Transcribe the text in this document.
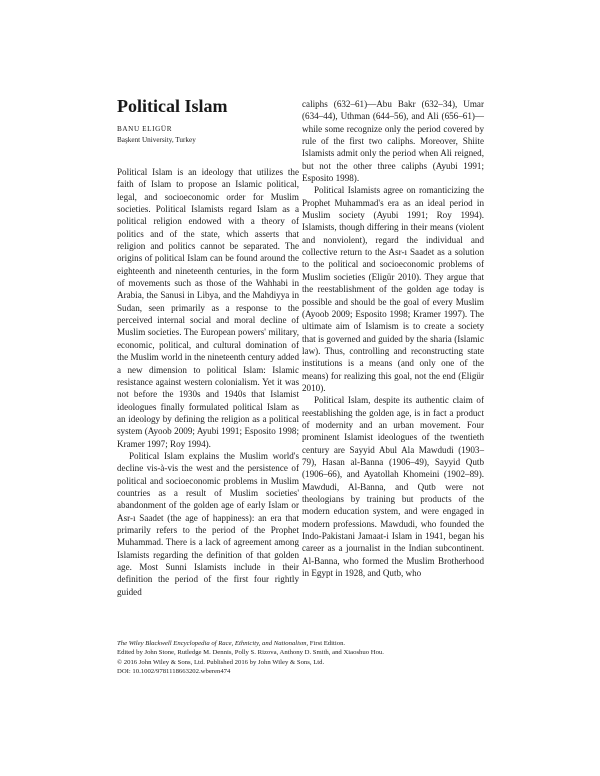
Political Islam
BANU ELIGÜR
Başkent University, Turkey

Political Islam is an ideology that utilizes the faith of Islam to propose an Islamic political, legal, and socioeconomic order for Muslim societies. Political Islamists regard Islam as a political religion endowed with a theory of politics and of the state, which asserts that religion and politics cannot be separated. The origins of political Islam can be found around the eighteenth and nineteenth centuries, in the form of movements such as those of the Wahhabi in Arabia, the Sanusi in Libya, and the Mahdiyya in Sudan, seen primarily as a response to the perceived internal social and moral decline of Muslim societies. The European powers' military, economic, political, and cultural domination of the Muslim world in the nineteenth century added a new dimension to political Islam: Islamic resistance against western colonialism. Yet it was not before the 1930s and 1940s that Islamist ideologues finally formulated political Islam as an ideology by defining the religion as a political system (Ayoob 2009; Ayubi 1991; Esposito 1998; Kramer 1997; Roy 1994).

Political Islam explains the Muslim world's decline vis-à-vis the west and the persistence of political and socioeconomic problems in Muslim countries as a result of Muslim societies' abandonment of the golden age of early Islam or Asr-ı Saadet (the age of happiness): an era that primarily refers to the period of the Prophet Muhammad. There is a lack of agreement among Islamists regarding the definition of that golden age. Most Sunni Islamists include in their definition the period of the first four rightly guided

caliphs (632–61)—Abu Bakr (632–34), Umar (634–44), Uthman (644–56), and Ali (656–61)—while some recognize only the period covered by rule of the first two caliphs. Moreover, Shiite Islamists admit only the period when Ali reigned, but not the other three caliphs (Ayubi 1991; Esposito 1998).

Political Islamists agree on romanticizing the Prophet Muhammad's era as an ideal period in Muslim society (Ayubi 1991; Roy 1994). Islamists, though differing in their means (violent and nonviolent), regard the individual and collective return to the Asr-ı Saadet as a solution to the political and socioeconomic problems of Muslim societies (Eligür 2010). They argue that the reestablishment of the golden age today is possible and should be the goal of every Muslim (Ayoob 2009; Esposito 1998; Kramer 1997). The ultimate aim of Islamism is to create a society that is governed and guided by the sharia (Islamic law). Thus, controlling and reconstructing state institutions is a means (and only one of the means) for realizing this goal, not the end (Eligür 2010).

Political Islam, despite its authentic claim of reestablishing the golden age, is in fact a product of modernity and an urban movement. Four prominent Islamist ideologues of the twentieth century are Sayyid Abul Ala Mawdudi (1903–79), Hasan al-Banna (1906–49), Sayyid Qutb (1906–66), and Ayatollah Khomeini (1902–89). Mawdudi, Al-Banna, and Qutb were not theologians by training but products of the modern education system, and were engaged in modern professions. Mawdudi, who founded the Indo-Pakistani Jamaat-i Islam in 1941, began his career as a journalist in the Indian subcontinent. Al-Banna, who formed the Muslim Brotherhood in Egypt in 1928, and Qutb, who

The Wiley Blackwell Encyclopedia of Race, Ethnicity, and Nationalism, First Edition.
Edited by John Stone, Rutledge M. Dennis, Polly S. Rizova, Anthony D. Smith, and Xiaoshuo Hou.
© 2016 John Wiley & Sons, Ltd. Published 2016 by John Wiley & Sons, Ltd.
DOI: 10.1002/9781118663202.wberen474
